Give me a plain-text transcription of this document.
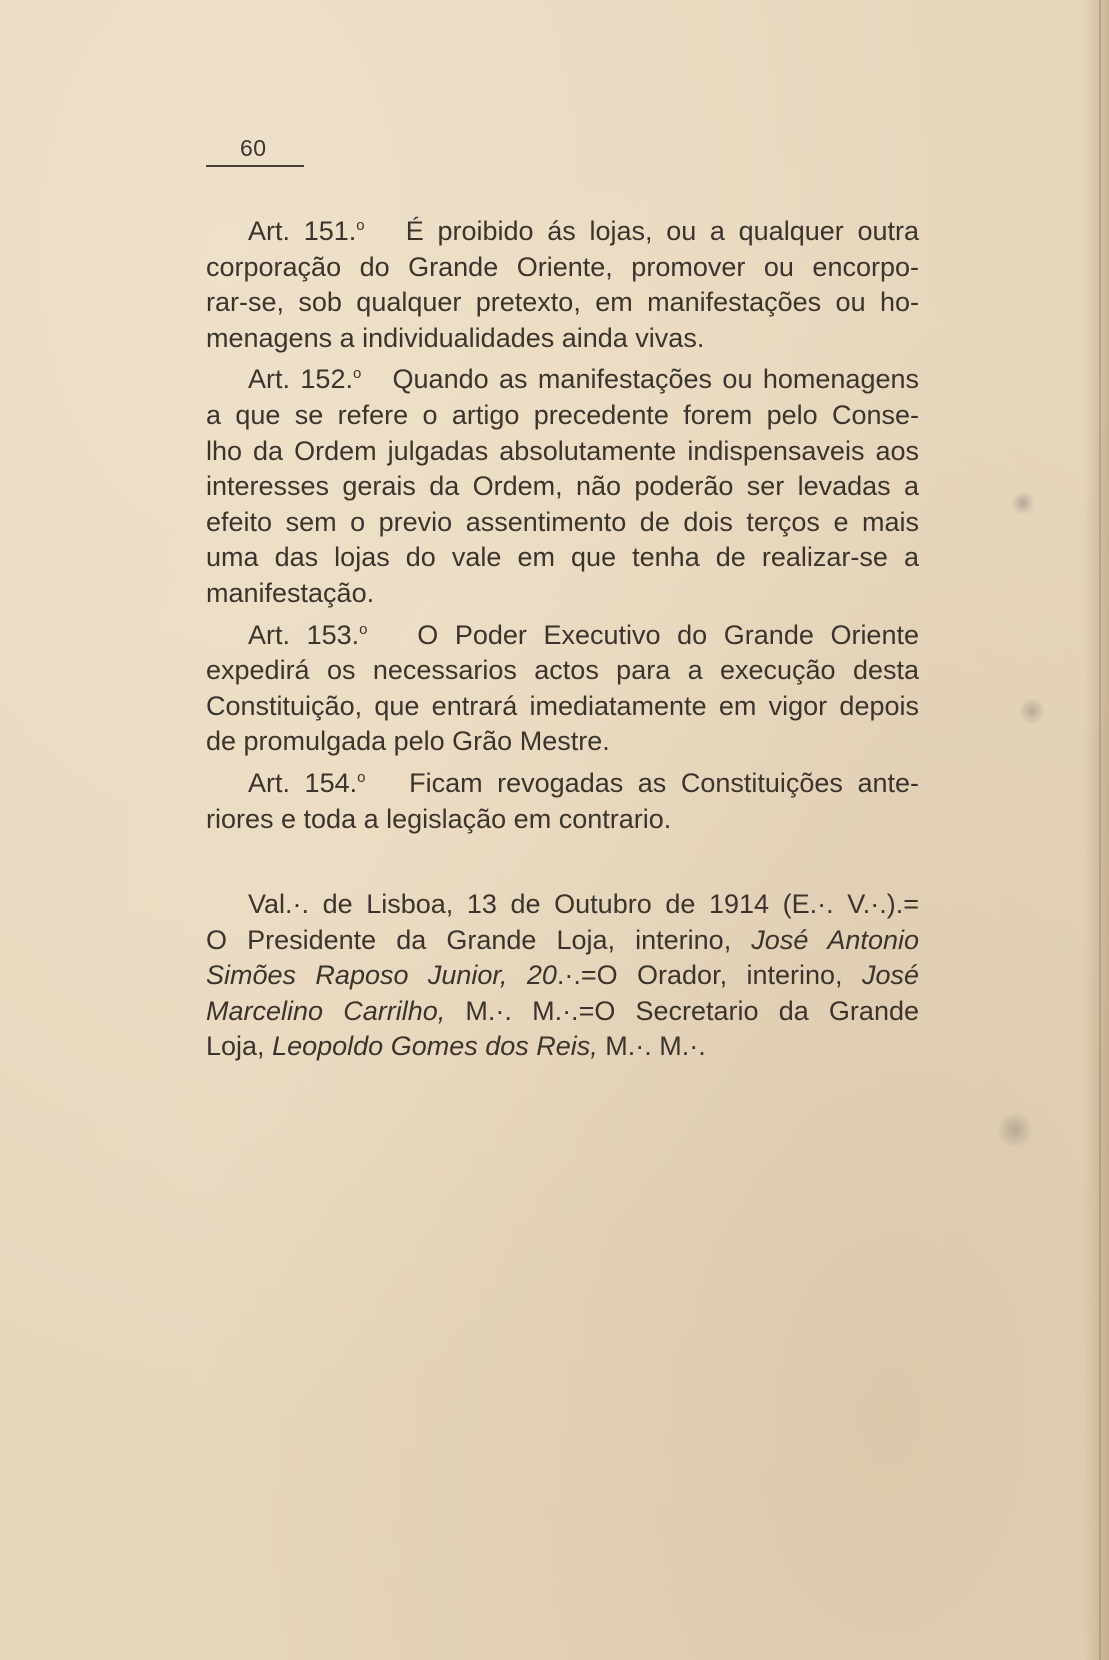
60

Art. 151.$^o$ É proibido ás lojas, ou a qualquer outra
corporação do Grande Oriente, promover ou encorpo-
rar-se, sob qualquer pretexto, em manifestações ou ho-
menagens a individualidades ainda vivas.

Art. 152.$^o$ Quando as manifestações ou homenagens
a que se refere o artigo precedente forem pelo Conse-
lho da Ordem julgadas absolutamente indispensaveis aos
interesses gerais da Ordem, não poderão ser levadas a
efeito sem o previo assentimento de dois terços e mais
uma das lojas do vale em que tenha de realizar-se a
manifestação.

Art. 153.$^o$ O Poder Executivo do Grande Oriente
expedirá os necessarios actos para a execução desta
Constituição, que entrará imediatamente em vigor depois
de promulgada pelo Grão Mestre.

Art. 154.$^o$ Ficam revogadas as Constituições ante-
riores e toda a legislação em contrario.

Val.·. de Lisboa, 13 de Outubro de 1914 (E.·. V.·.).=
O Presidente da Grande Loja, interino, José Antonio
Simões Raposo Junior, 20.·.=O Orador, interino, José
Marcelino Carrilho, M.·. M.·.=O Secretario da Grande
Loja, Leopoldo Gomes dos Reis, M.·. M.·.
